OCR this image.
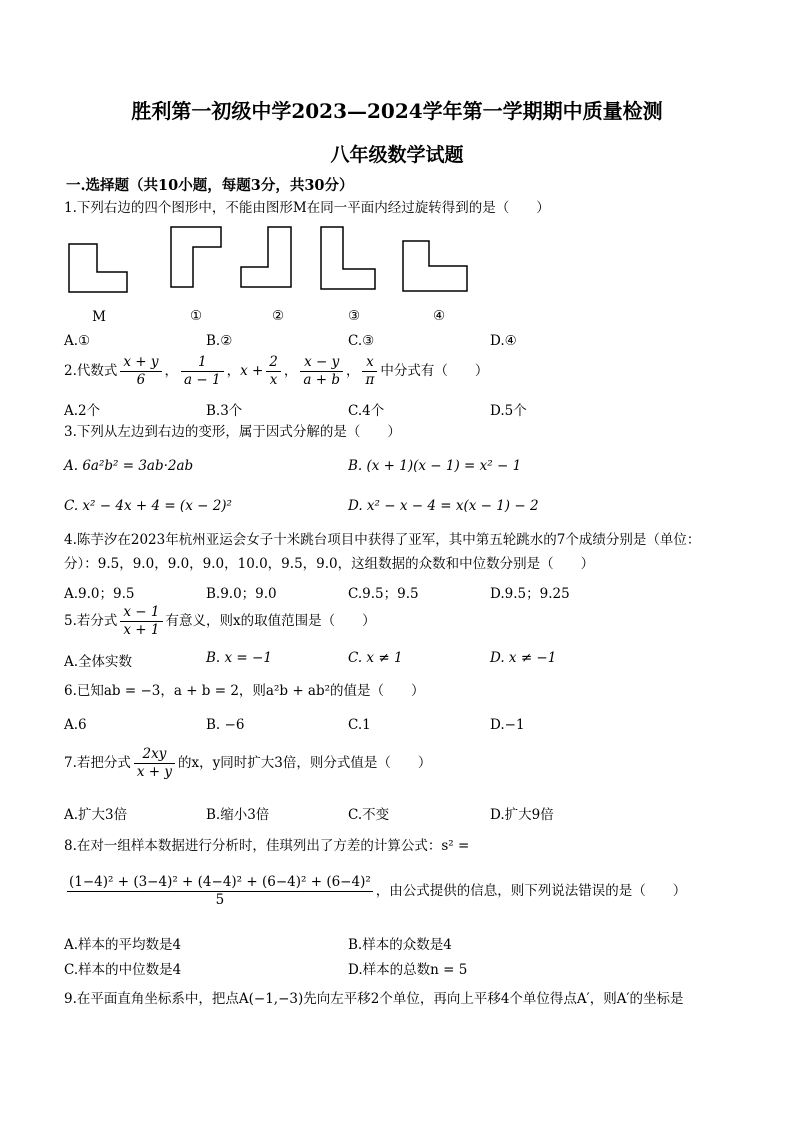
胜利第一初级中学2023—2024学年第一学期期中质量检测
八年级数学试题
一.选择题（共10小题，每题3分，共30分）
1.下列右边的四个图形中，不能由图形M在同一平面内经过旋转得到的是（　　）
M	①	②	③	④
A.①	B.②	C.③	D.④
2.代数式 $\frac{x + y}{6}$ ， $\frac{1}{a - 1}$ ，$x + \frac{2}{x}$ ， $\frac{x - y}{a + b}$ ， $\frac{x}{\pi}$ 中分式有（　　）
A.2个	B.3个	C.4个	D.5个
3.下列从左边到右边的变形，属于因式分解的是（　　）
A. 6a²b² = 3ab·2ab	B. (x + 1)(x − 1) = x² − 1
C. x² − 4x + 4 = (x − 2)²	D. x² − x − 4 = x(x − 1) − 2
4.陈芋汐在2023年杭州亚运会女子十米跳台项目中获得了亚军，其中第五轮跳水的7个成绩分别是（单位：
分）：9.5，9.0，9.0，9.0，10.0，9.5，9.0，这组数据的众数和中位数分别是（　　）
A.9.0；9.5	B.9.0；9.0	C.9.5；9.5	D.9.5；9.25
5.若分式 $\frac{x - 1}{x + 1}$ 有意义，则x的取值范围是（　　）
A.全体实数	B. x = −1	C. x ≠ 1	D. x ≠ −1
6.已知ab = −3，a + b = 2，则a²b + ab²的值是（　　）
A.6	B. −6	C.1	D.−1
7.若把分式 $\frac{2xy}{x + y}$ 的x，y同时扩大3倍，则分式值是（　　）
A.扩大3倍	B.缩小3倍	C.不变	D.扩大9倍
8.在对一组样本数据进行分析时，佳琪列出了方差的计算公式：s² =
$\frac{\text{(1−4)² + (3−4)² + (4−4)² + (6−4)² + (6−4)²}}{5}$ ，由公式提供的信息，则下列说法错误的是（　　）
A.样本的平均数是4	B.样本的众数是4
C.样本的中位数是4	D.样本的总数n = 5
9.在平面直角坐标系中，把点A(−1,−3)先向左平移2个单位，再向上平移4个单位得点A′，则A′的坐标是
